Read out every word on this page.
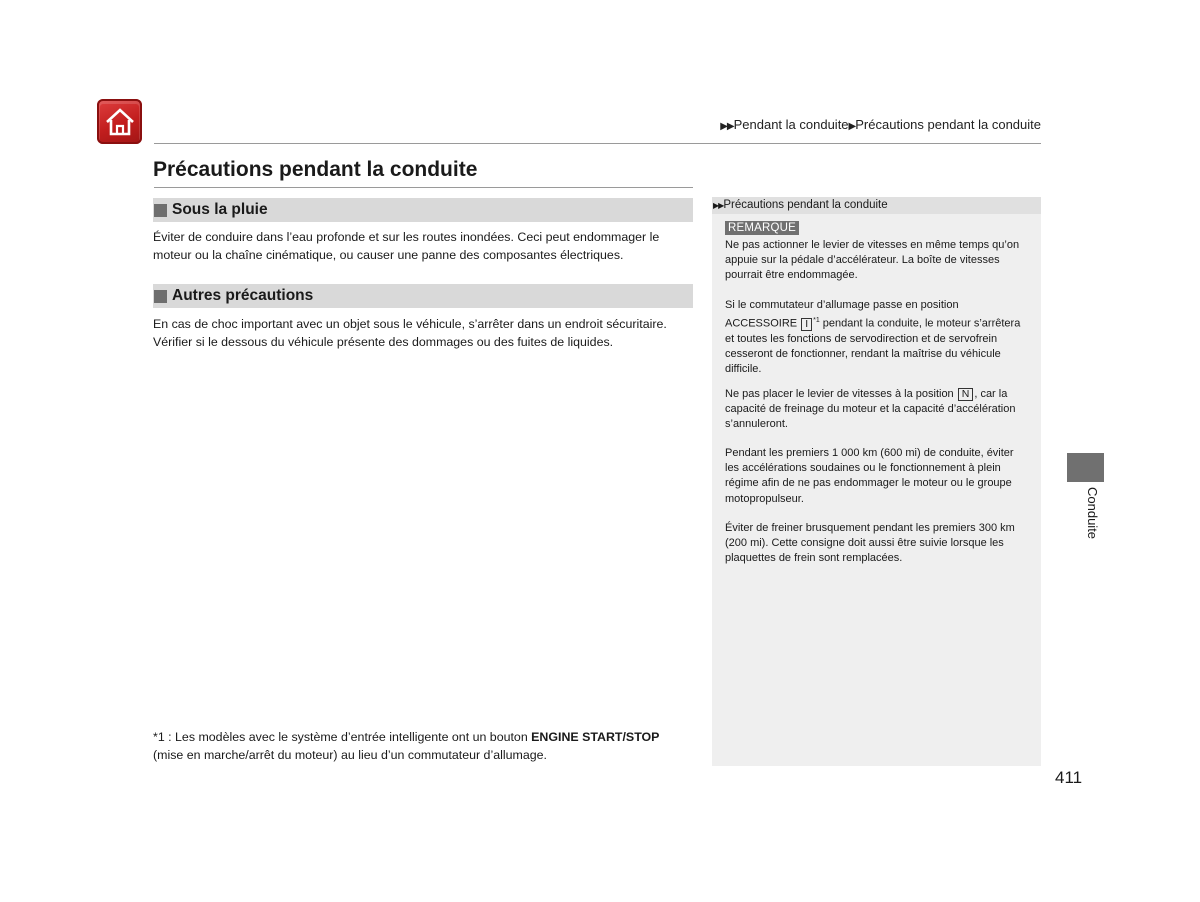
▶▶Pendant la conduite▶Précautions pendant la conduite
Précautions pendant la conduite
Sous la pluie
Éviter de conduire dans l’eau profonde et sur les routes inondées. Ceci peut endommager le
moteur ou la chaîne cinématique, ou causer une panne des composantes électriques.
Autres précautions
En cas de choc important avec un objet sous le véhicule, s’arrêter dans un endroit sécuritaire.
Vérifier si le dessous du véhicule présente des dommages ou des fuites de liquides.
*1 : Les modèles avec le système d’entrée intelligente ont un bouton ENGINE START/STOP
(mise en marche/arrêt du moteur) au lieu d’un commutateur d’allumage.
▶▶Précautions pendant la conduite
REMARQUE
Ne pas actionner le levier de vitesses en même temps qu’on
appuie sur la pédale d’accélérateur. La boîte de vitesses
pourrait être endommagée.
Si le commutateur d’allumage passe en position
ACCESSOIRE I $^{*1}$ pendant la conduite, le moteur s’arrêtera
et toutes les fonctions de servodirection et de servofrein
cesseront de fonctionner, rendant la maîtrise du véhicule
difficile.
Ne pas placer le levier de vitesses à la position N , car la
capacité de freinage du moteur et la capacité d’accélération
s’annuleront.
Pendant les premiers 1 000 km (600 mi) de conduite, éviter
les accélérations soudaines ou le fonctionnement à plein
régime afin de ne pas endommager le moteur ou le groupe
motopropulseur.
Éviter de freiner brusquement pendant les premiers 300 km
(200 mi). Cette consigne doit aussi être suivie lorsque les
plaquettes de frein sont remplacées.
Conduite
411
